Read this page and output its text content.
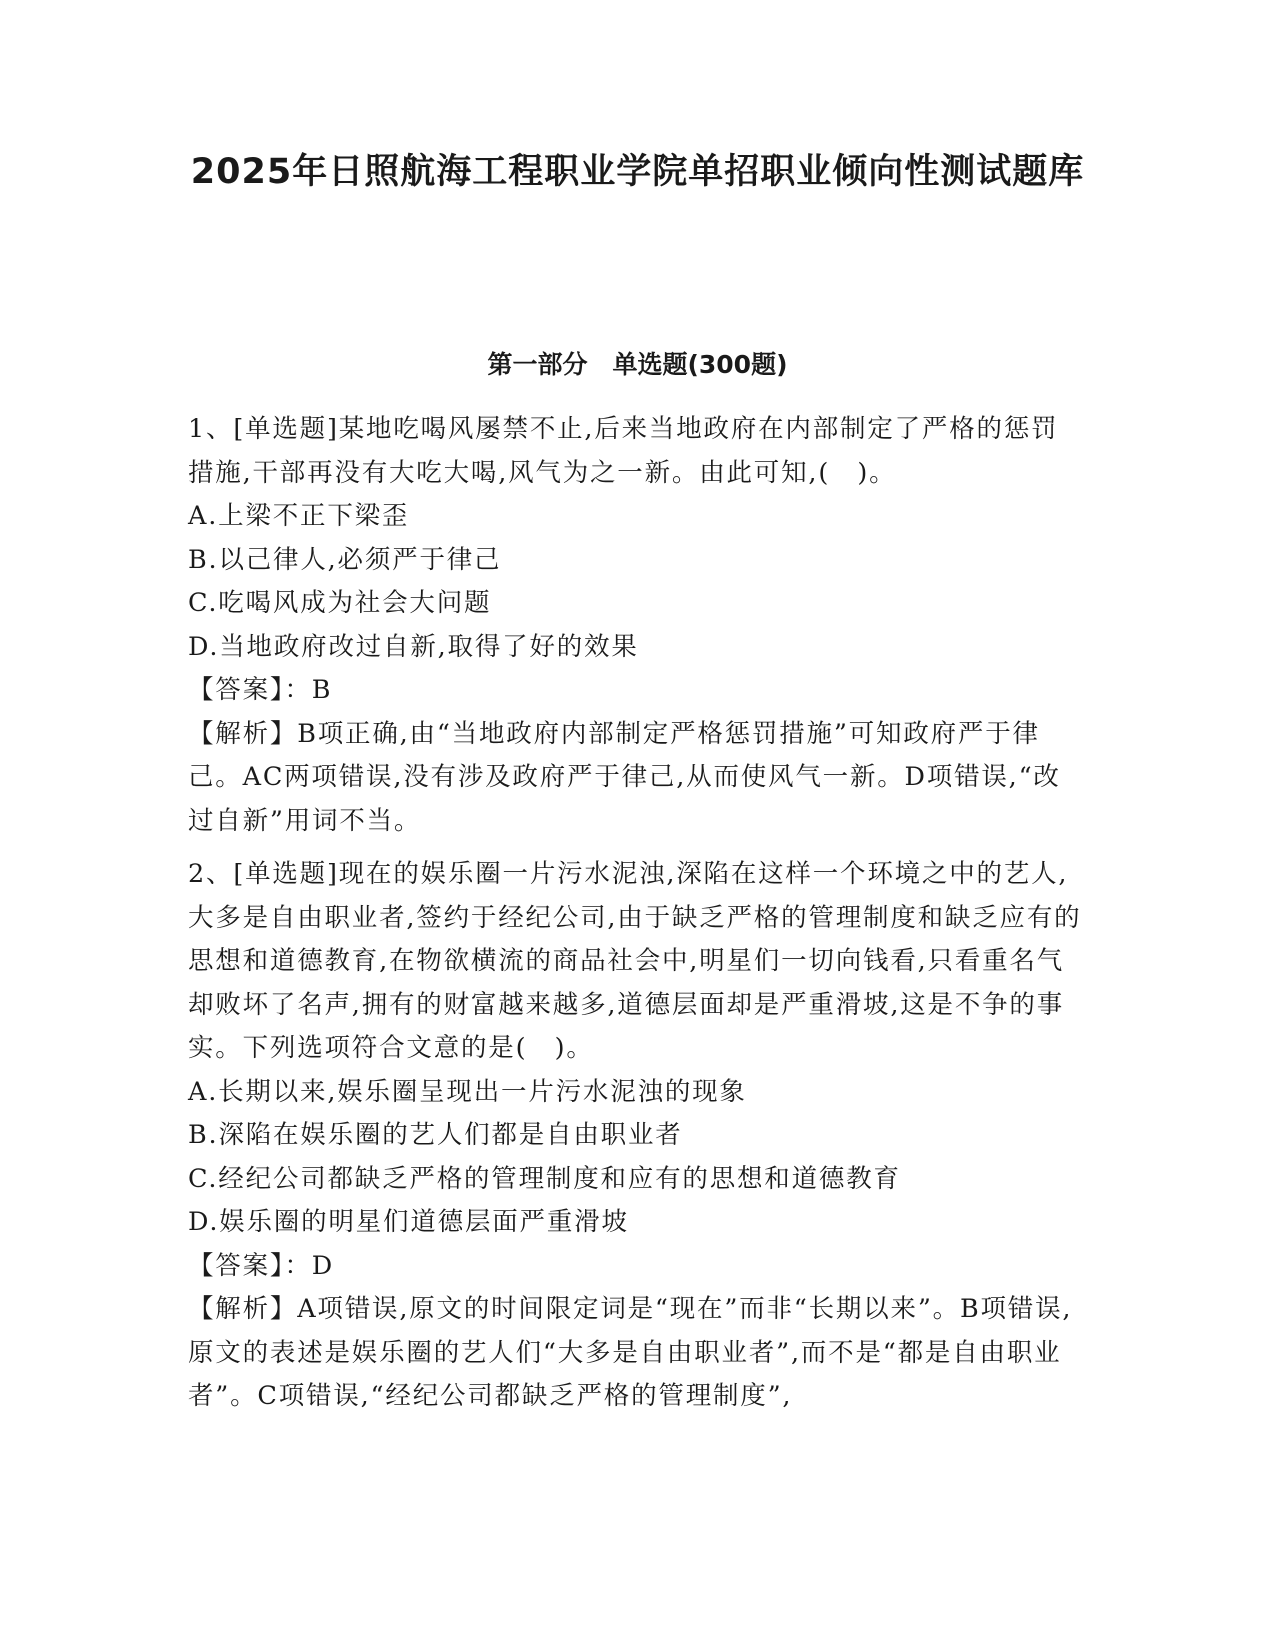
2025年日照航海工程职业学院单招职业倾向性测试题库
第一部分　单选题(300题)

1、[单选题]某地吃喝风屡禁不止,后来当地政府在内部制定了严格的惩罚措施,干部再没有大吃大喝,风气为之一新。由此可知,(　)。

A.上梁不正下梁歪

B.以己律人,必须严于律己

C.吃喝风成为社会大问题

D.当地政府改过自新,取得了好的效果

【答案】：B

【解析】B项正确,由“当地政府内部制定严格惩罚措施”可知政府严于律己。AC两项错误,没有涉及政府严于律己,从而使风气一新。D项错误,“改过自新”用词不当。

2、[单选题]现在的娱乐圈一片污水泥浊,深陷在这样一个环境之中的艺人,大多是自由职业者,签约于经纪公司,由于缺乏严格的管理制度和缺乏应有的思想和道德教育,在物欲横流的商品社会中,明星们一切向钱看,只看重名气却败坏了名声,拥有的财富越来越多,道德层面却是严重滑坡,这是不争的事实。下列选项符合文意的是(　)。

A.长期以来,娱乐圈呈现出一片污水泥浊的现象

B.深陷在娱乐圈的艺人们都是自由职业者

C.经纪公司都缺乏严格的管理制度和应有的思想和道德教育

D.娱乐圈的明星们道德层面严重滑坡

【答案】：D

【解析】A项错误,原文的时间限定词是“现在”而非“长期以来”。B项错误,原文的表述是娱乐圈的艺人们“大多是自由职业者”,而不是“都是自由职业者”。C项错误,“经纪公司都缺乏严格的管理制度”,
